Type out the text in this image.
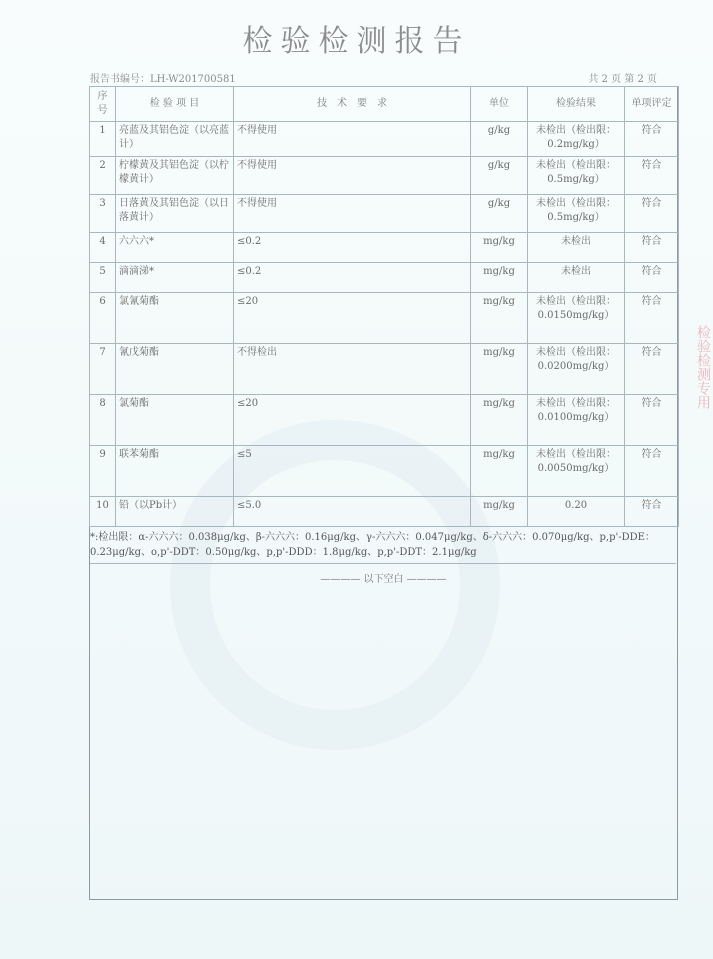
检验检测报告
报告书编号：LH-W201700581	共 2 页 第 2 页
序号	检 验 项 目	技　术　要　求	单位	检验结果	单项评定
1	亮蓝及其铝色淀（以亮蓝计）	不得使用	g/kg	未检出（检出限：0.2mg/kg）	符合
2	柠檬黄及其铝色淀（以柠檬黄计）	不得使用	g/kg	未检出（检出限：0.5mg/kg）	符合
3	日落黄及其铝色淀（以日落黄计）	不得使用	g/kg	未检出（检出限：0.5mg/kg）	符合
4	六六六*	≤0.2	mg/kg	未检出	符合
5	滴滴涕*	≤0.2	mg/kg	未检出	符合
6	氯氰菊酯	≤20	mg/kg	未检出（检出限：0.0150mg/kg）	符合
7	氰戊菊酯	不得检出	mg/kg	未检出（检出限：0.0200mg/kg）	符合
8	氯菊酯	≤20	mg/kg	未检出（检出限：0.0100mg/kg）	符合
9	联苯菊酯	≤5	mg/kg	未检出（检出限：0.0050mg/kg）	符合
10	铅（以Pb计）	≤5.0	mg/kg	0.20	符合
*:检出限：α-六六六：0.038μg/kg、β-六六六：0.16μg/kg、γ-六六六：0.047μg/kg、δ-六六六：0.070μg/kg、p,p'-DDE：0.23μg/kg、o,p'-DDT：0.50μg/kg、p,p'-DDD：1.8μg/kg、p,p'-DDT：2.1μg/kg
———— 以下空白 ————
检验检测专用
